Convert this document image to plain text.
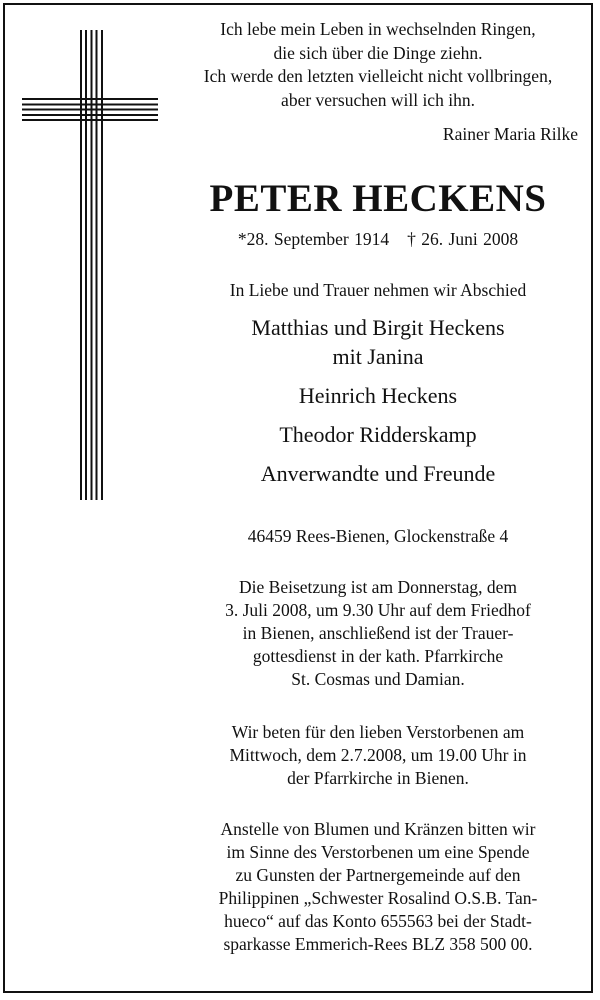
Ich lebe mein Leben in wechselnden Ringen,
die sich über die Dinge ziehn.
Ich werde den letzten vielleicht nicht vollbringen,
aber versuchen will ich ihn.
Rainer Maria Rilke
PETER HECKENS
*28. September 1914 † 26. Juni 2008
In Liebe und Trauer nehmen wir Abschied
Matthias und Birgit Heckens
mit Janina
Heinrich Heckens
Theodor Ridderskamp
Anverwandte und Freunde
46459 Rees-Bienen, Glockenstraße 4
Die Beisetzung ist am Donnerstag, dem
3. Juli 2008, um 9.30 Uhr auf dem Friedhof
in Bienen, anschließend ist der Trauer-
gottesdienst in der kath. Pfarrkirche
St. Cosmas und Damian.
Wir beten für den lieben Verstorbenen am
Mittwoch, dem 2.7.2008, um 19.00 Uhr in
der Pfarrkirche in Bienen.
Anstelle von Blumen und Kränzen bitten wir
im Sinne des Verstorbenen um eine Spende
zu Gunsten der Partnergemeinde auf den
Philippinen „Schwester Rosalind O.S.B. Tan-
hueco“ auf das Konto 655563 bei der Stadt-
sparkasse Emmerich-Rees BLZ 358 500 00.
